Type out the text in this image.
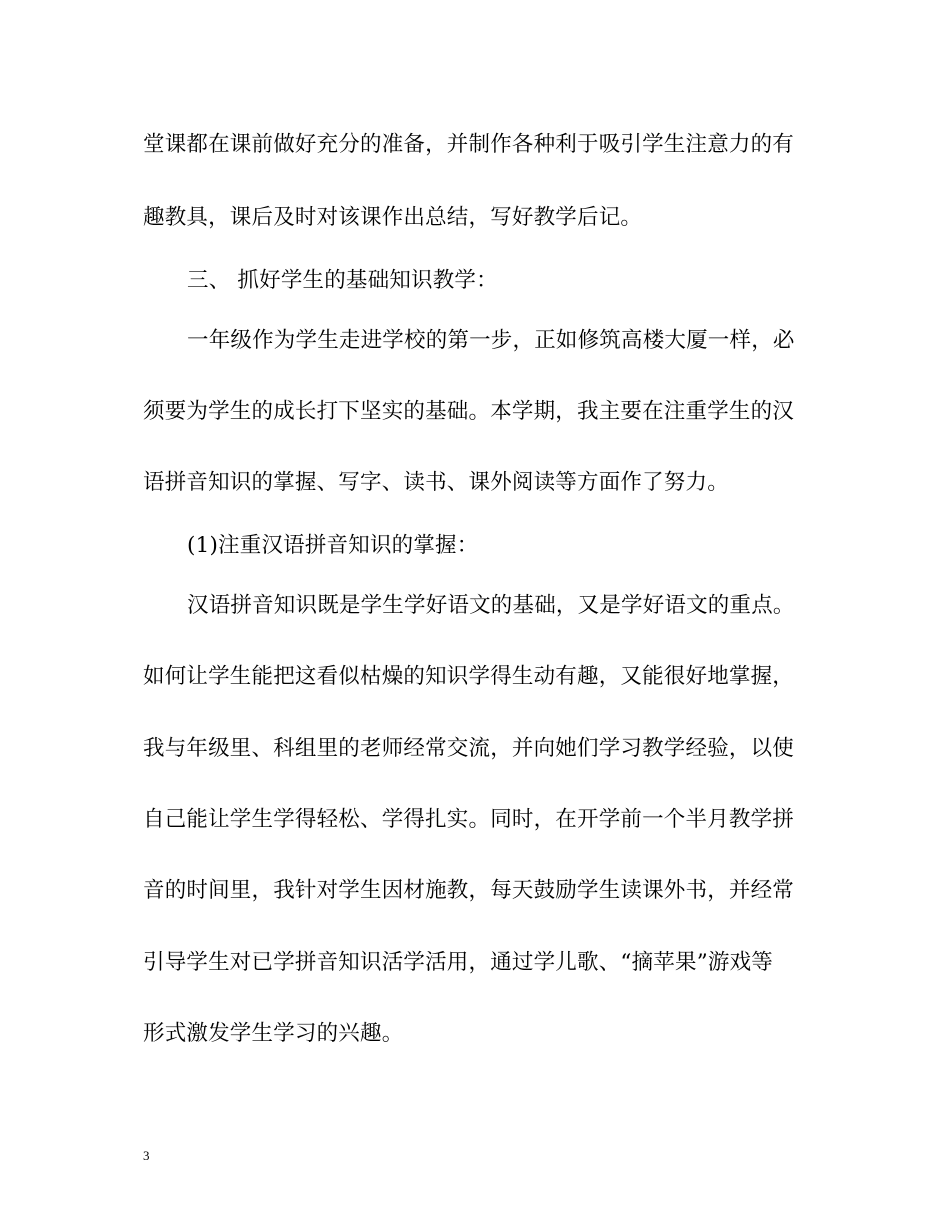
堂课都在课前做好充分的准备，并制作各种利于吸引学生注意力的有
趣教具，课后及时对该课作出总结，写好教学后记。
三、 抓好学生的基础知识教学：
一年级作为学生走进学校的第一步，正如修筑高楼大厦一样，必
须要为学生的成长打下坚实的基础。本学期，我主要在注重学生的汉
语拼音知识的掌握、写字、读书、课外阅读等方面作了努力。
(1)注重汉语拼音知识的掌握：
汉语拼音知识既是学生学好语文的基础，又是学好语文的重点。
如何让学生能把这看似枯燥的知识学得生动有趣，又能很好地掌握，
我与年级里、科组里的老师经常交流，并向她们学习教学经验，以使
自己能让学生学得轻松、学得扎实。同时，在开学前一个半月教学拼
音的时间里，我针对学生因材施教，每天鼓励学生读课外书，并经常
引导学生对已学拼音知识活学活用，通过学儿歌、“摘苹果”游戏等
形式激发学生学习的兴趣。
3
